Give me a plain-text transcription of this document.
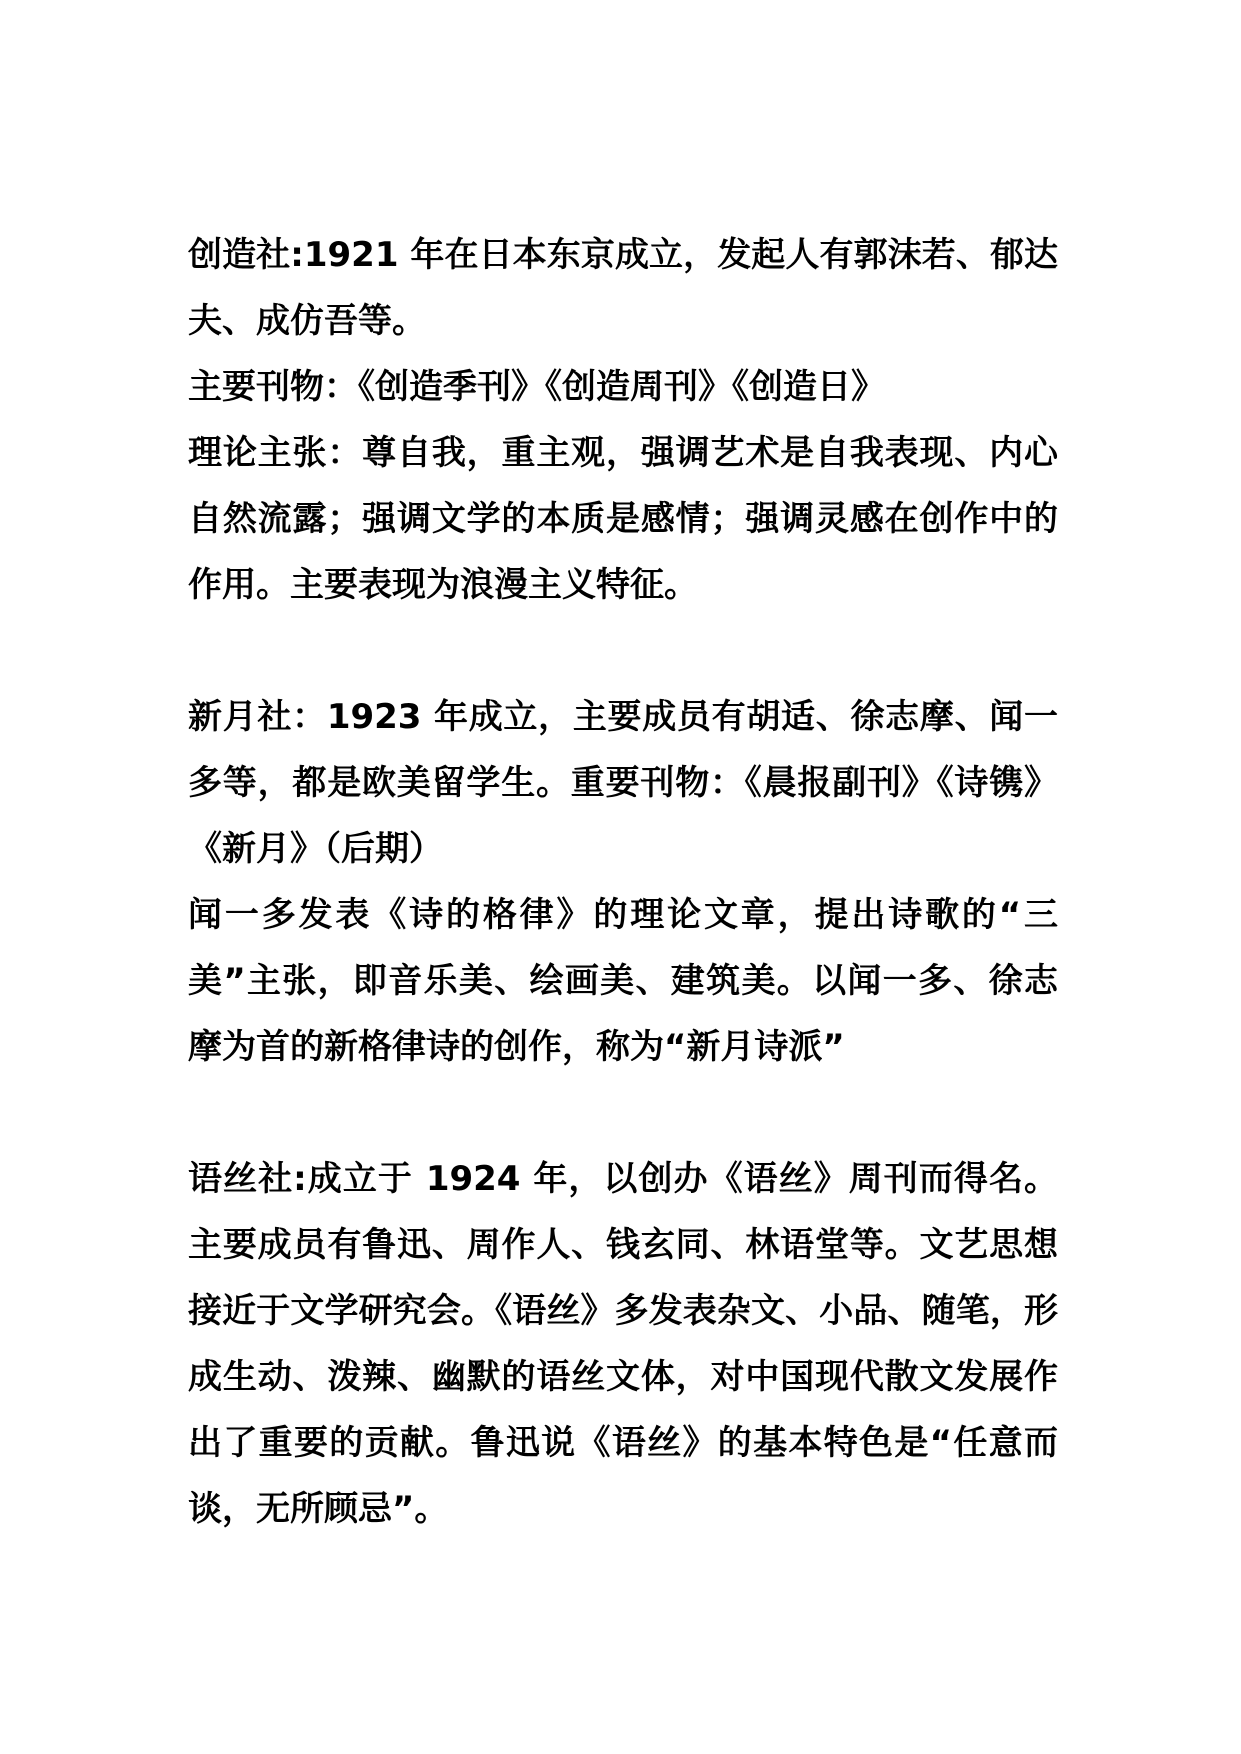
创造社:1921 年在日本东京成立，发起人有郭沫若、郁达夫、成仿吾等。

主要刊物：《创造季刊》《创造周刊》《创造日》

理论主张：尊自我，重主观，强调艺术是自我表现、内心自然流露；强调文学的本质是感情；强调灵感在创作中的作用。主要表现为浪漫主义特征。

新月社：1923 年成立，主要成员有胡适、徐志摩、闻一多等，都是欧美留学生。重要刊物：《晨报副刊》《诗镌》《新月》（后期）

闻一多发表《诗的格律》的理论文章，提出诗歌的“三美”主张，即音乐美、绘画美、建筑美。以闻一多、徐志摩为首的新格律诗的创作，称为“新月诗派”

语丝社:成立于 1924 年，以创办《语丝》周刊而得名。主要成员有鲁迅、周作人、钱玄同、林语堂等。文艺思想接近于文学研究会。《语丝》多发表杂文、小品、随笔，形成生动、泼辣、幽默的语丝文体，对中国现代散文发展作出了重要的贡献。鲁迅说《语丝》的基本特色是“任意而谈，无所顾忌”。
